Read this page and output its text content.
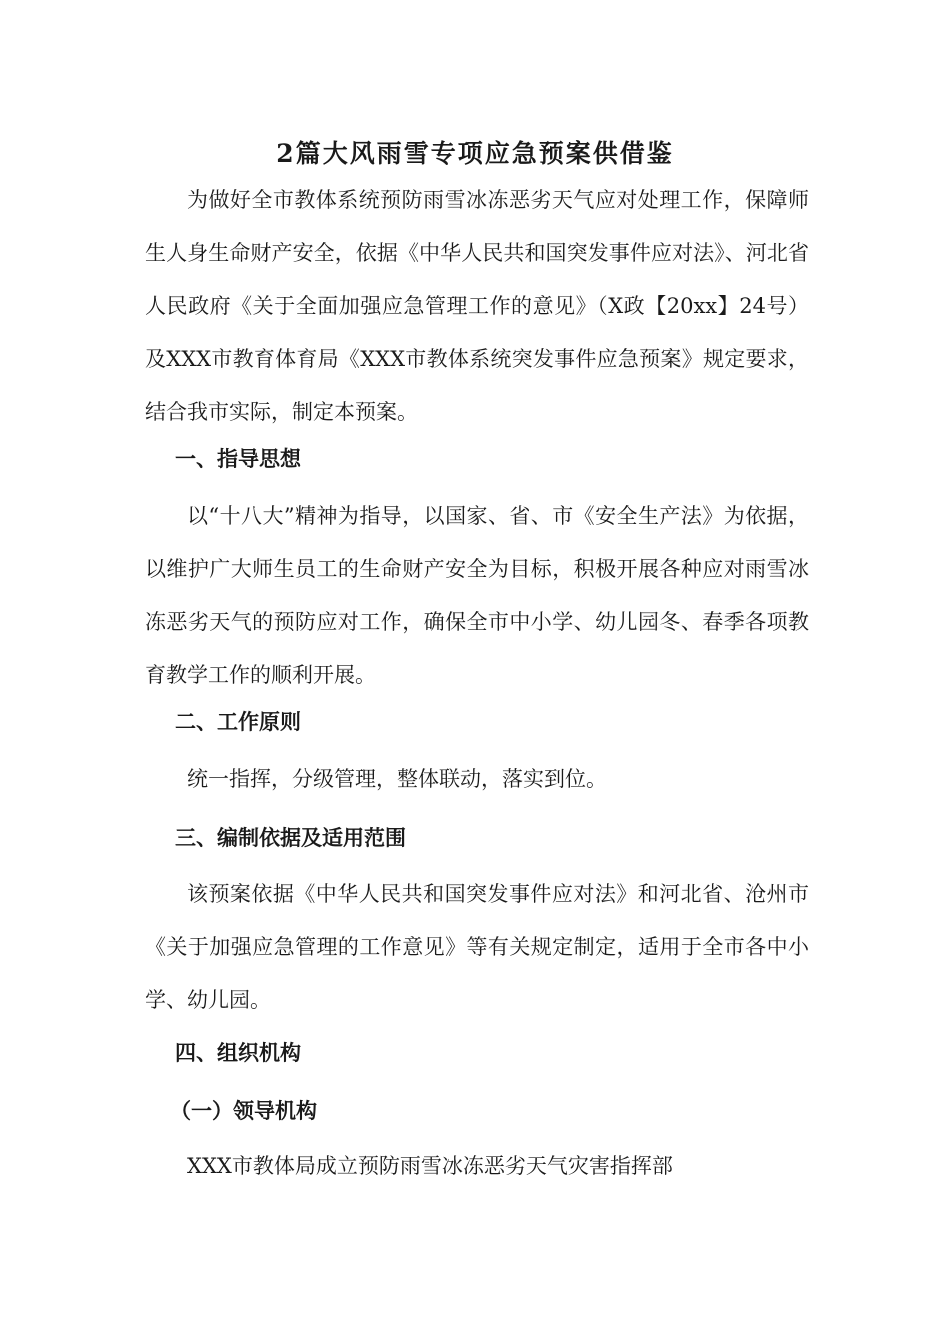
2篇大风雨雪专项应急预案供借鉴

为做好全市教体系统预防雨雪冰冻恶劣天气应对处理工作，保障师生人身生命财产安全，依据《中华人民共和国突发事件应对法》、河北省人民政府《关于全面加强应急管理工作的意见》（X政【20xx】24号）及XXX市教育体育局《XXX市教体系统突发事件应急预案》规定要求，结合我市实际，制定本预案。

一、指导思想

以“十八大”精神为指导，以国家、省、市《安全生产法》为依据，以维护广大师生员工的生命财产安全为目标，积极开展各种应对雨雪冰冻恶劣天气的预防应对工作，确保全市中小学、幼儿园冬、春季各项教育教学工作的顺利开展。

二、工作原则

统一指挥，分级管理，整体联动，落实到位。

三、编制依据及适用范围

该预案依据《中华人民共和国突发事件应对法》和河北省、沧州市《关于加强应急管理的工作意见》等有关规定制定，适用于全市各中小学、幼儿园。

四、组织机构
（一）领导机构

XXX市教体局成立预防雨雪冰冻恶劣天气灾害指挥部
